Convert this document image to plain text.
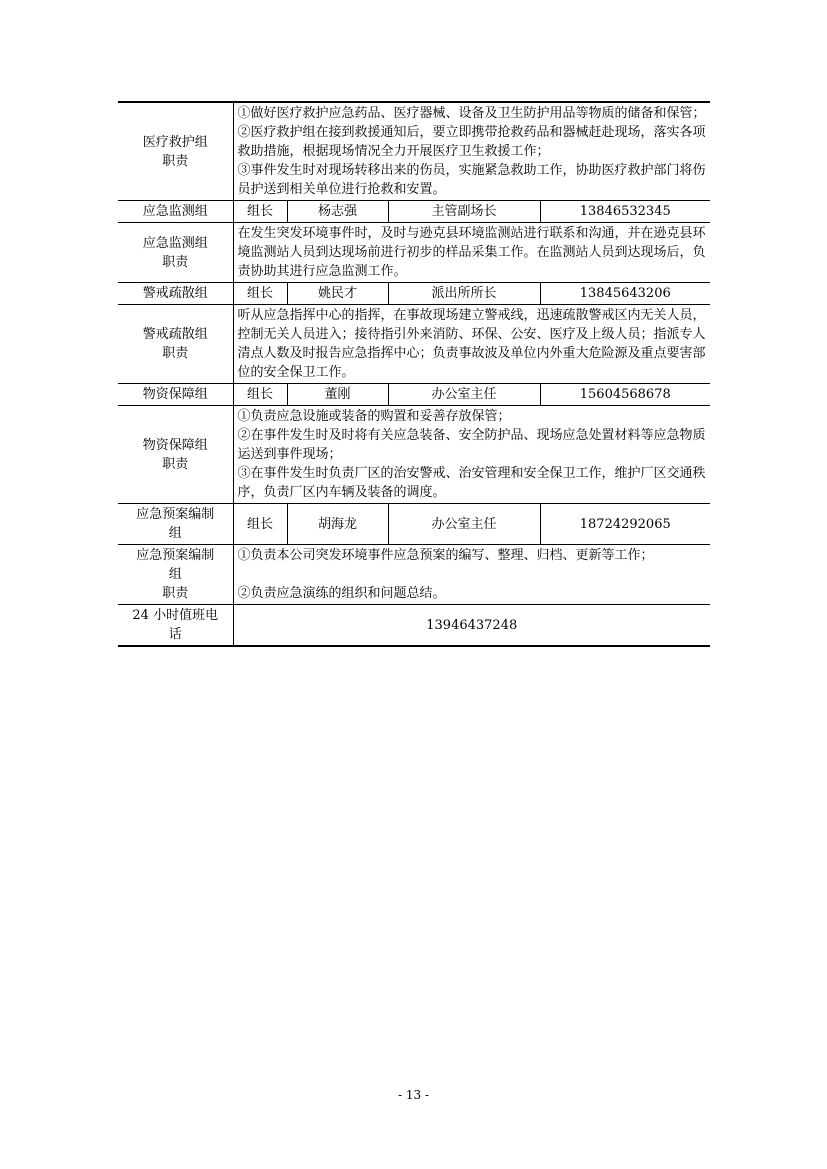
医疗救护组
职责	①做好医疗救护应急药品、医疗器械、设备及卫生防护用品等物质的储备和保管；
②医疗救护组在接到救援通知后，要立即携带抢救药品和器械赶赴现场，落实各项救助措施，根据现场情况全力开展医疗卫生救援工作；
③事件发生时对现场转移出来的伤员，实施紧急救助工作，协助医疗救护部门将伤员护送到相关单位进行抢救和安置。			

应急监测组	组长	杨志强	主管副场长	13846532345

应急监测组
职责	在发生突发环境事件时，及时与逊克县环境监测站进行联系和沟通，并在逊克县环境监测站人员到达现场前进行初步的样品采集工作。在监测站人员到达现场后，负责协助其进行应急监测工作。			

警戒疏散组	组长	姚民才	派出所所长	13845643206

警戒疏散组
职责	听从应急指挥中心的指挥，在事故现场建立警戒线，迅速疏散警戒区内无关人员，控制无关人员进入；接待指引外来消防、环保、公安、医疗及上级人员；指派专人清点人数及时报告应急指挥中心；负责事故波及单位内外重大危险源及重点要害部位的安全保卫工作。			

物资保障组	组长	董刚	办公室主任	15604568678

物资保障组
职责	①负责应急设施或装备的购置和妥善存放保管；
②在事件发生时及时将有关应急装备、安全防护品、现场应急处置材料等应急物质运送到事件现场；
③在事件发生时负责厂区的治安警戒、治安管理和安全保卫工作，维护厂区交通秩序，负责厂区内车辆及装备的调度。			

应急预案编制
组	组长	胡海龙	办公室主任	18724292065

应急预案编制
组
职责	①负责本公司突发环境事件应急预案的编写、整理、归档、更新等工作；

②负责应急演练的组织和问题总结。			

24 小时值班电
话	13946437248			
- 13 -
